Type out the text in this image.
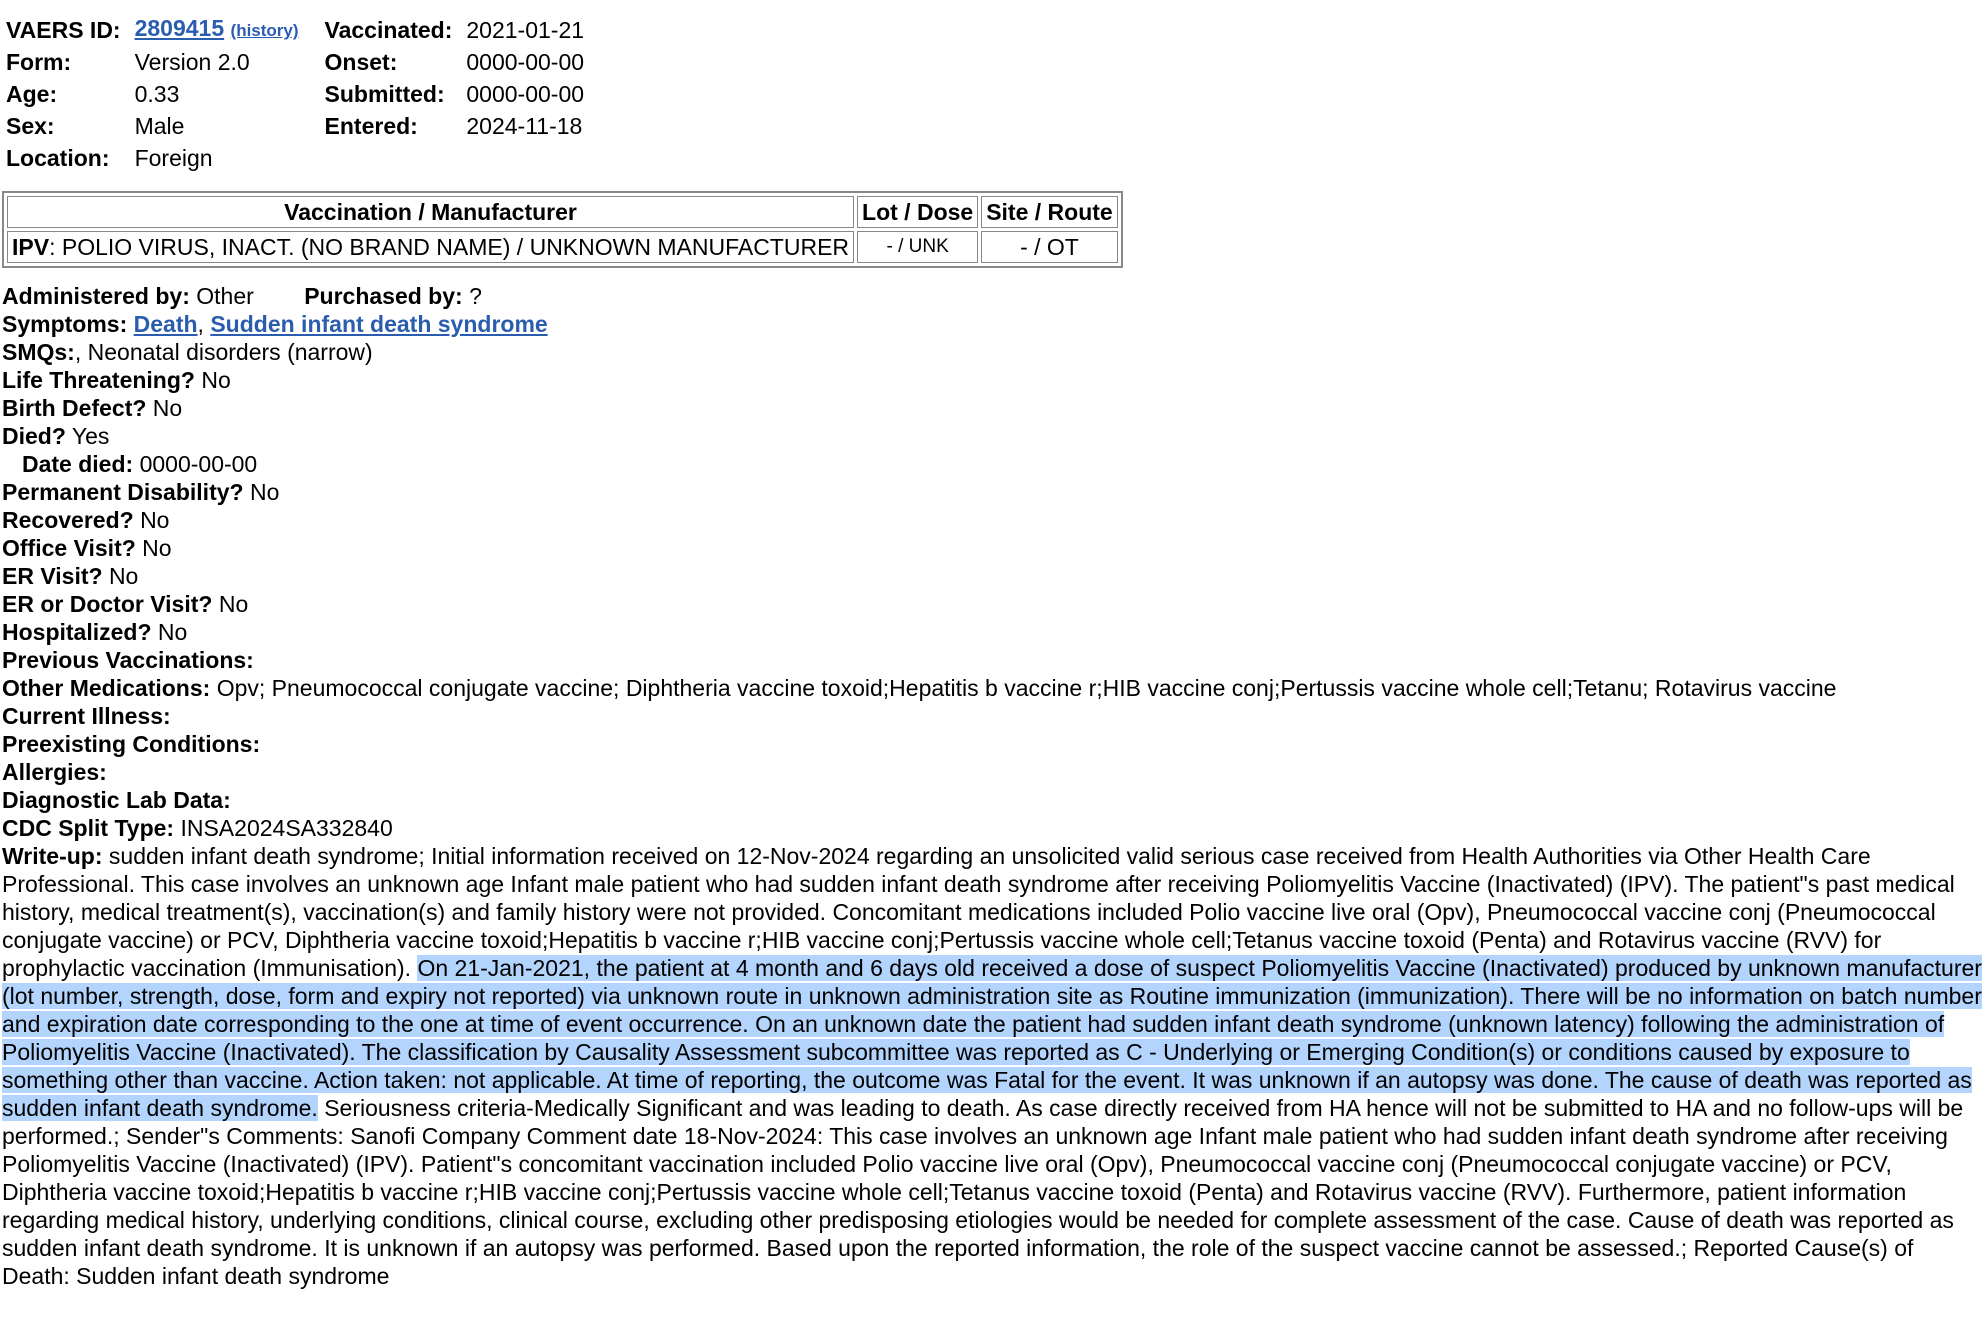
VAERS ID:	2809415 (history)	Vaccinated:	2021-01-21
Form:	Version 2.0	Onset:	0000-00-00
Age:	0.33	Submitted:	0000-00-00
Sex:	Male	Entered:	2024-11-18
Location:	Foreign		
Vaccination / Manufacturer	Lot / Dose	Site / Route
IPV: POLIO VIRUS, INACT. (NO BRAND NAME) / UNKNOWN MANUFACTURER	- / UNK	- / OT
Administered by: Other Purchased by: ?
Symptoms: Death, Sudden infant death syndrome
SMQs:, Neonatal disorders (narrow)
Life Threatening? No
Birth Defect? No
Died? Yes
Date died: 0000-00-00
Permanent Disability? No
Recovered? No
Office Visit? No
ER Visit? No
ER or Doctor Visit? No
Hospitalized? No
Previous Vaccinations:
Other Medications: Opv; Pneumococcal conjugate vaccine; Diphtheria vaccine toxoid;Hepatitis b vaccine r;HIB vaccine conj;Pertussis vaccine whole cell;Tetanu; Rotavirus vaccine
Current Illness:
Preexisting Conditions:
Allergies:
Diagnostic Lab Data:
CDC Split Type: INSA2024SA332840
Write-up: sudden infant death syndrome; Initial information received on 12-Nov-2024 regarding an unsolicited valid serious case received from Health Authorities via Other Health Care Professional. This case involves an unknown age Infant male patient who had sudden infant death syndrome after receiving Poliomyelitis Vaccine (Inactivated) (IPV). The patient"s past medical history, medical treatment(s), vaccination(s) and family history were not provided. Concomitant medications included Polio vaccine live oral (Opv), Pneumococcal vaccine conj (Pneumococcal conjugate vaccine) or PCV, Diphtheria vaccine toxoid;Hepatitis b vaccine r;HIB vaccine conj;Pertussis vaccine whole cell;Tetanus vaccine toxoid (Penta) and Rotavirus vaccine (RVV) for prophylactic vaccination (Immunisation). On 21-Jan-2021, the patient at 4 month and 6 days old received a dose of suspect Poliomyelitis Vaccine (Inactivated) produced by unknown manufacturer (lot number, strength, dose, form and expiry not reported) via unknown route in unknown administration site as Routine immunization (immunization). There will be no information on batch number and expiration date corresponding to the one at time of event occurrence. On an unknown date the patient had sudden infant death syndrome (unknown latency) following the administration of Poliomyelitis Vaccine (Inactivated). The classification by Causality Assessment subcommittee was reported as C - Underlying or Emerging Condition(s) or conditions caused by exposure to something other than vaccine. Action taken: not applicable. At time of reporting, the outcome was Fatal for the event. It was unknown if an autopsy was done. The cause of death was reported as sudden infant death syndrome. Seriousness criteria-Medically Significant and was leading to death. As case directly received from HA hence will not be submitted to HA and no follow-ups will be performed.; Sender"s Comments: Sanofi Company Comment date 18-Nov-2024: This case involves an unknown age Infant male patient who had sudden infant death syndrome after receiving Poliomyelitis Vaccine (Inactivated) (IPV). Patient"s concomitant vaccination included Polio vaccine live oral (Opv), Pneumococcal vaccine conj (Pneumococcal conjugate vaccine) or PCV, Diphtheria vaccine toxoid;Hepatitis b vaccine r;HIB vaccine conj;Pertussis vaccine whole cell;Tetanus vaccine toxoid (Penta) and Rotavirus vaccine (RVV). Furthermore, patient information regarding medical history, underlying conditions, clinical course, excluding other predisposing etiologies would be needed for complete assessment of the case. Cause of death was reported as sudden infant death syndrome. It is unknown if an autopsy was performed. Based upon the reported information, the role of the suspect vaccine cannot be assessed.; Reported Cause(s) of Death: Sudden infant death syndrome
